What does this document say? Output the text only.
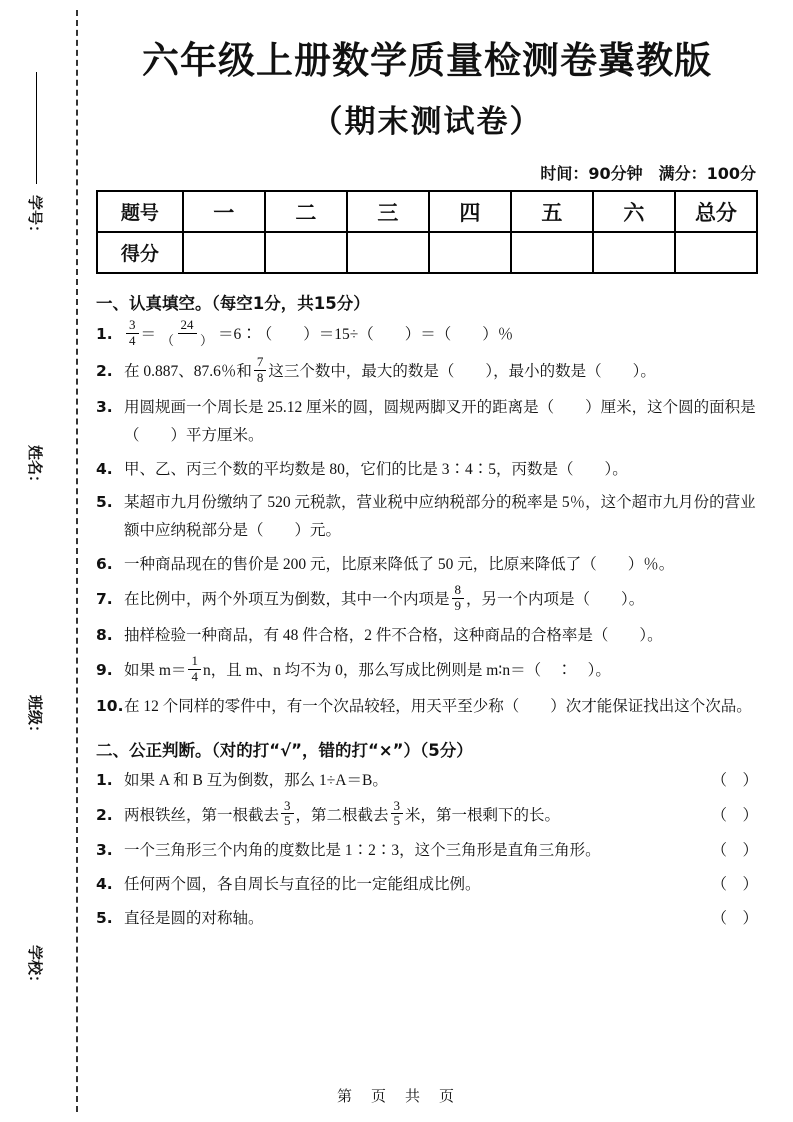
学号：
姓名：
班级：
学校：
六年级上册数学质量检测卷冀教版
（期末测试卷）
时间：90分钟　满分：100分
题号	一	二	三	四	五	六	总分
得分							
一、认真填空。（每空1分，共15分）
1.	$\frac{3}{4} = \frac{24}{( )}$ ＝6∶（　　）＝15÷（　　）＝（　　）％
2. 在 0.887、87.6％和 $\frac{7}{8}$ 这三个数中，最大的数是（　　），最小的数是（　　）。
3. 用圆规画一个周长是 25.12 厘米的圆，圆规两脚叉开的距离是（　　）厘米，这个圆的面积是（　　）平方厘米。
4. 甲、乙、丙三个数的平均数是 80，它们的比是 3∶4∶5，丙数是（　　）。
5. 某超市九月份缴纳了 520 元税款，营业税中应纳税部分的税率是 5％，这个超市九月份的营业额中应纳税部分是（　　）元。
6. 一种商品现在的售价是 200 元，比原来降低了 50 元，比原来降低了（　　）％。
7. 在比例中，两个外项互为倒数，其中一个内项是 $\frac{8}{9}$ ，另一个内项是（　　）。
8. 抽样检验一种商品，有 48 件合格，2 件不合格，这种商品的合格率是（　　）。
9. 如果 $m= \frac{1}{4}$ n，且 m、n 均不为 0，那么写成比例则是 m∶n＝（　∶　）。
10. 在 12 个同样的零件中，有一个次品较轻，用天平至少称（　　）次才能保证找出这个次品。
二、公正判断。（对的打“√”，错的打“×”）（5分）
1. 如果 A 和 B 互为倒数，那么 1÷A＝B。	（　）
2. 两根铁丝，第一根截去 $\frac{3}{5}$ ，第二根截去 $\frac{3}{5}$ 米，第一根剩下的长。	（　）
3. 一个三角形三个内角的度数比是 1∶2∶3，这个三角形是直角三角形。	（　）
4. 任何两个圆，各自周长与直径的比一定能组成比例。	（　）
5. 直径是圆的对称轴。	（　）
第　页　共　页
